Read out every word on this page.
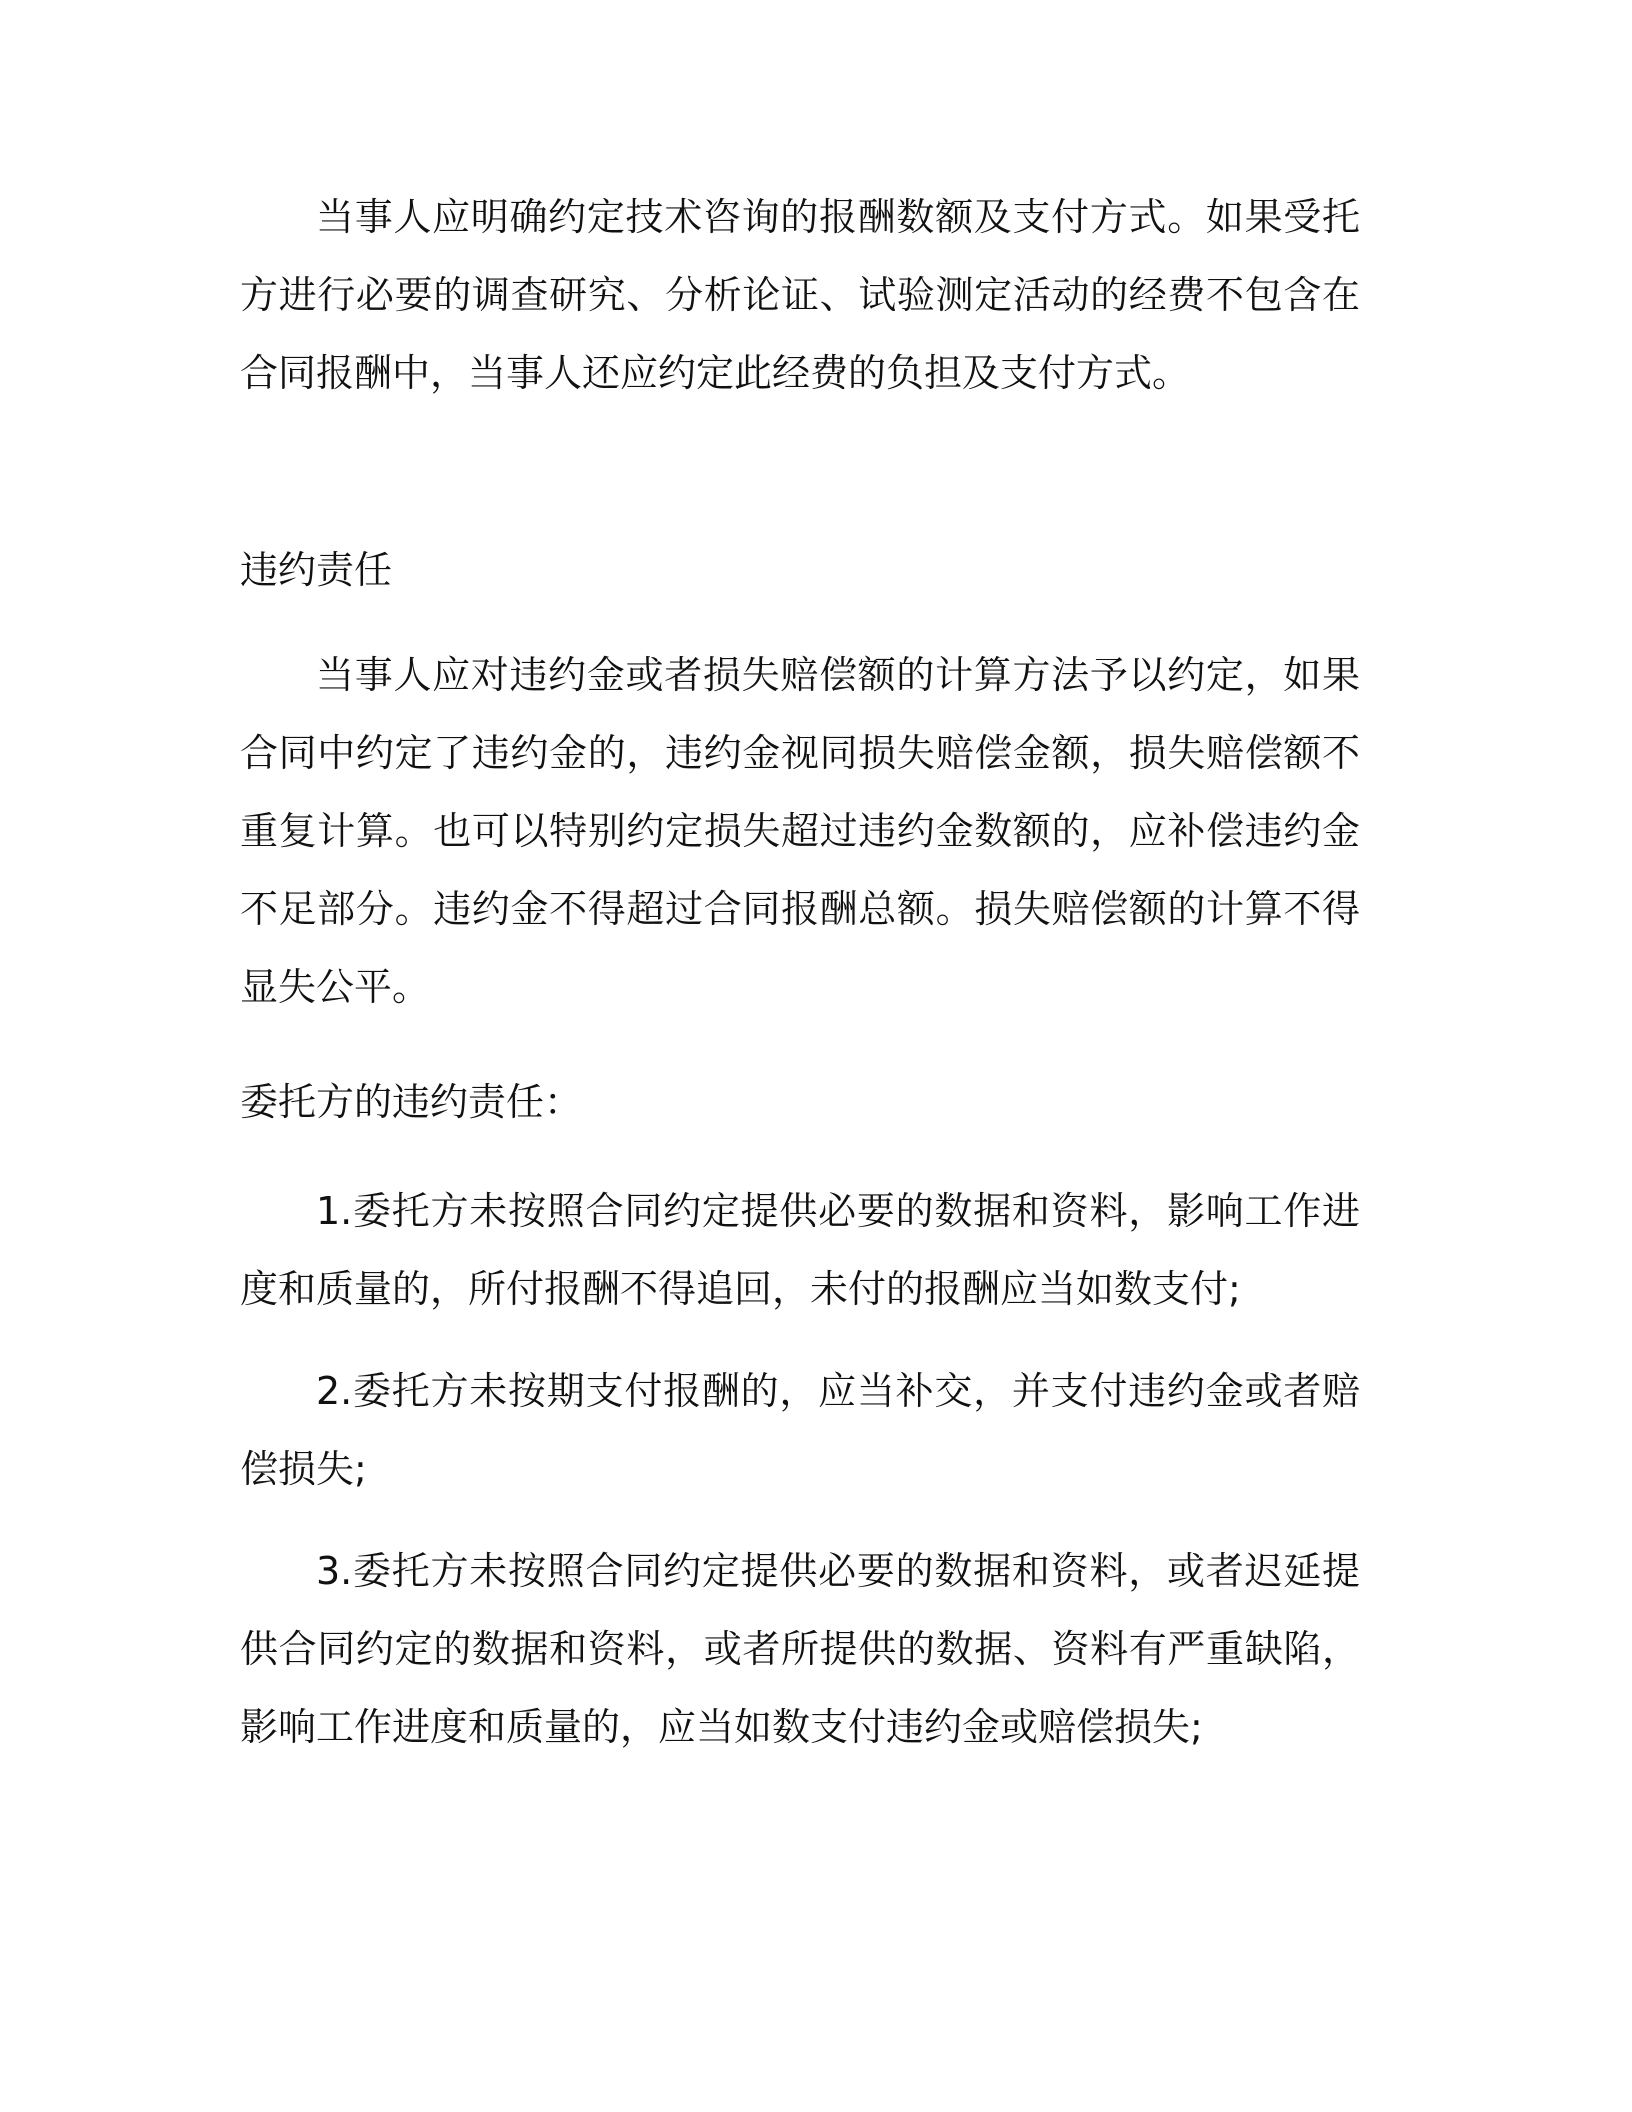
当事人应明确约定技术咨询的报酬数额及支付方式。如果受托方进行必要的调查研究、分析论证、试验测定活动的经费不包含在合同报酬中，当事人还应约定此经费的负担及支付方式。

违约责任

当事人应对违约金或者损失赔偿额的计算方法予以约定，如果合同中约定了违约金的，违约金视同损失赔偿金额，损失赔偿额不重复计算。也可以特别约定损失超过违约金数额的，应补偿违约金不足部分。违约金不得超过合同报酬总额。损失赔偿额的计算不得显失公平。

委托方的违约责任：

1.委托方未按照合同约定提供必要的数据和资料，影响工作进度和质量的，所付报酬不得追回，未付的报酬应当如数支付;

2.委托方未按期支付报酬的，应当补交，并支付违约金或者赔偿损失;

3.委托方未按照合同约定提供必要的数据和资料，或者迟延提供合同约定的数据和资料，或者所提供的数据、资料有严重缺陷，影响工作进度和质量的，应当如数支付违约金或赔偿损失;
